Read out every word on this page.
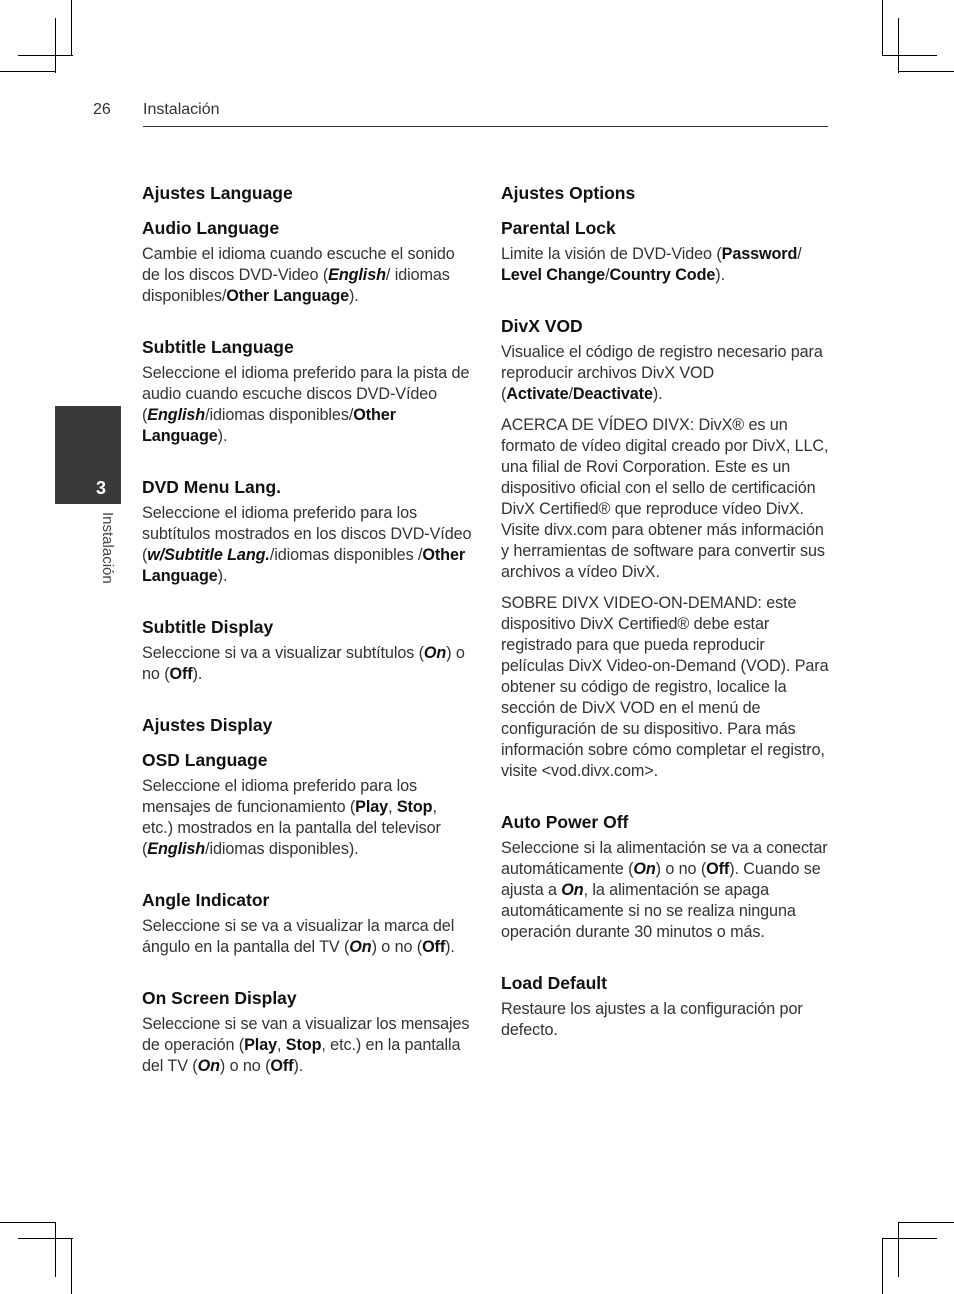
26 Instalación
3
Instalación
Ajustes Language
Audio Language

Cambie el idioma cuando escuche el sonido de los discos DVD-Video (English/ idiomas disponibles/Other Language).

Subtitle Language

Seleccione el idioma preferido para la pista de audio cuando escuche discos DVD-Vídeo (English/idiomas disponibles/Other Language).

DVD Menu Lang.

Seleccione el idioma preferido para los subtítulos mostrados en los discos DVD-Vídeo (w/Subtitle Lang./idiomas disponibles /Other Language).

Subtitle Display

Seleccione si va a visualizar subtítulos (On) o no (Off).

Ajustes Display
OSD Language

Seleccione el idioma preferido para los mensajes de funcionamiento (Play, Stop, etc.) mostrados en la pantalla del televisor (English/idiomas disponibles).

Angle Indicator

Seleccione si se va a visualizar la marca del ángulo en la pantalla del TV (On) o no (Off).

On Screen Display

Seleccione si se van a visualizar los mensajes de operación (Play, Stop, etc.) en la pantalla del TV (On) o no (Off).

Ajustes Options
Parental Lock

Limite la visión de DVD-Video (Password/ Level Change/Country Code).

DivX VOD

Visualice el código de registro necesario para reproducir archivos DivX VOD (Activate/Deactivate).

ACERCA DE VÍDEO DIVX: DivX® es un formato de vídeo digital creado por DivX, LLC, una filial de Rovi Corporation. Este es un dispositivo oficial con el sello de certificación DivX Certified® que reproduce vídeo DivX. Visite divx.com para obtener más información y herramientas de software para convertir sus archivos a vídeo DivX.

SOBRE DIVX VIDEO-ON-DEMAND: este dispositivo DivX Certified® debe estar registrado para que pueda reproducir películas DivX Video-on-Demand (VOD). Para obtener su código de registro, localice la sección de DivX VOD en el menú de configuración de su dispositivo. Para más información sobre cómo completar el registro, visite <vod.divx.com>.

Auto Power Off

Seleccione si la alimentación se va a conectar automáticamente (On) o no (Off). Cuando se ajusta a On, la alimentación se apaga automáticamente si no se realiza ninguna operación durante 30 minutos o más.

Load Default

Restaure los ajustes a la configuración por defecto.
